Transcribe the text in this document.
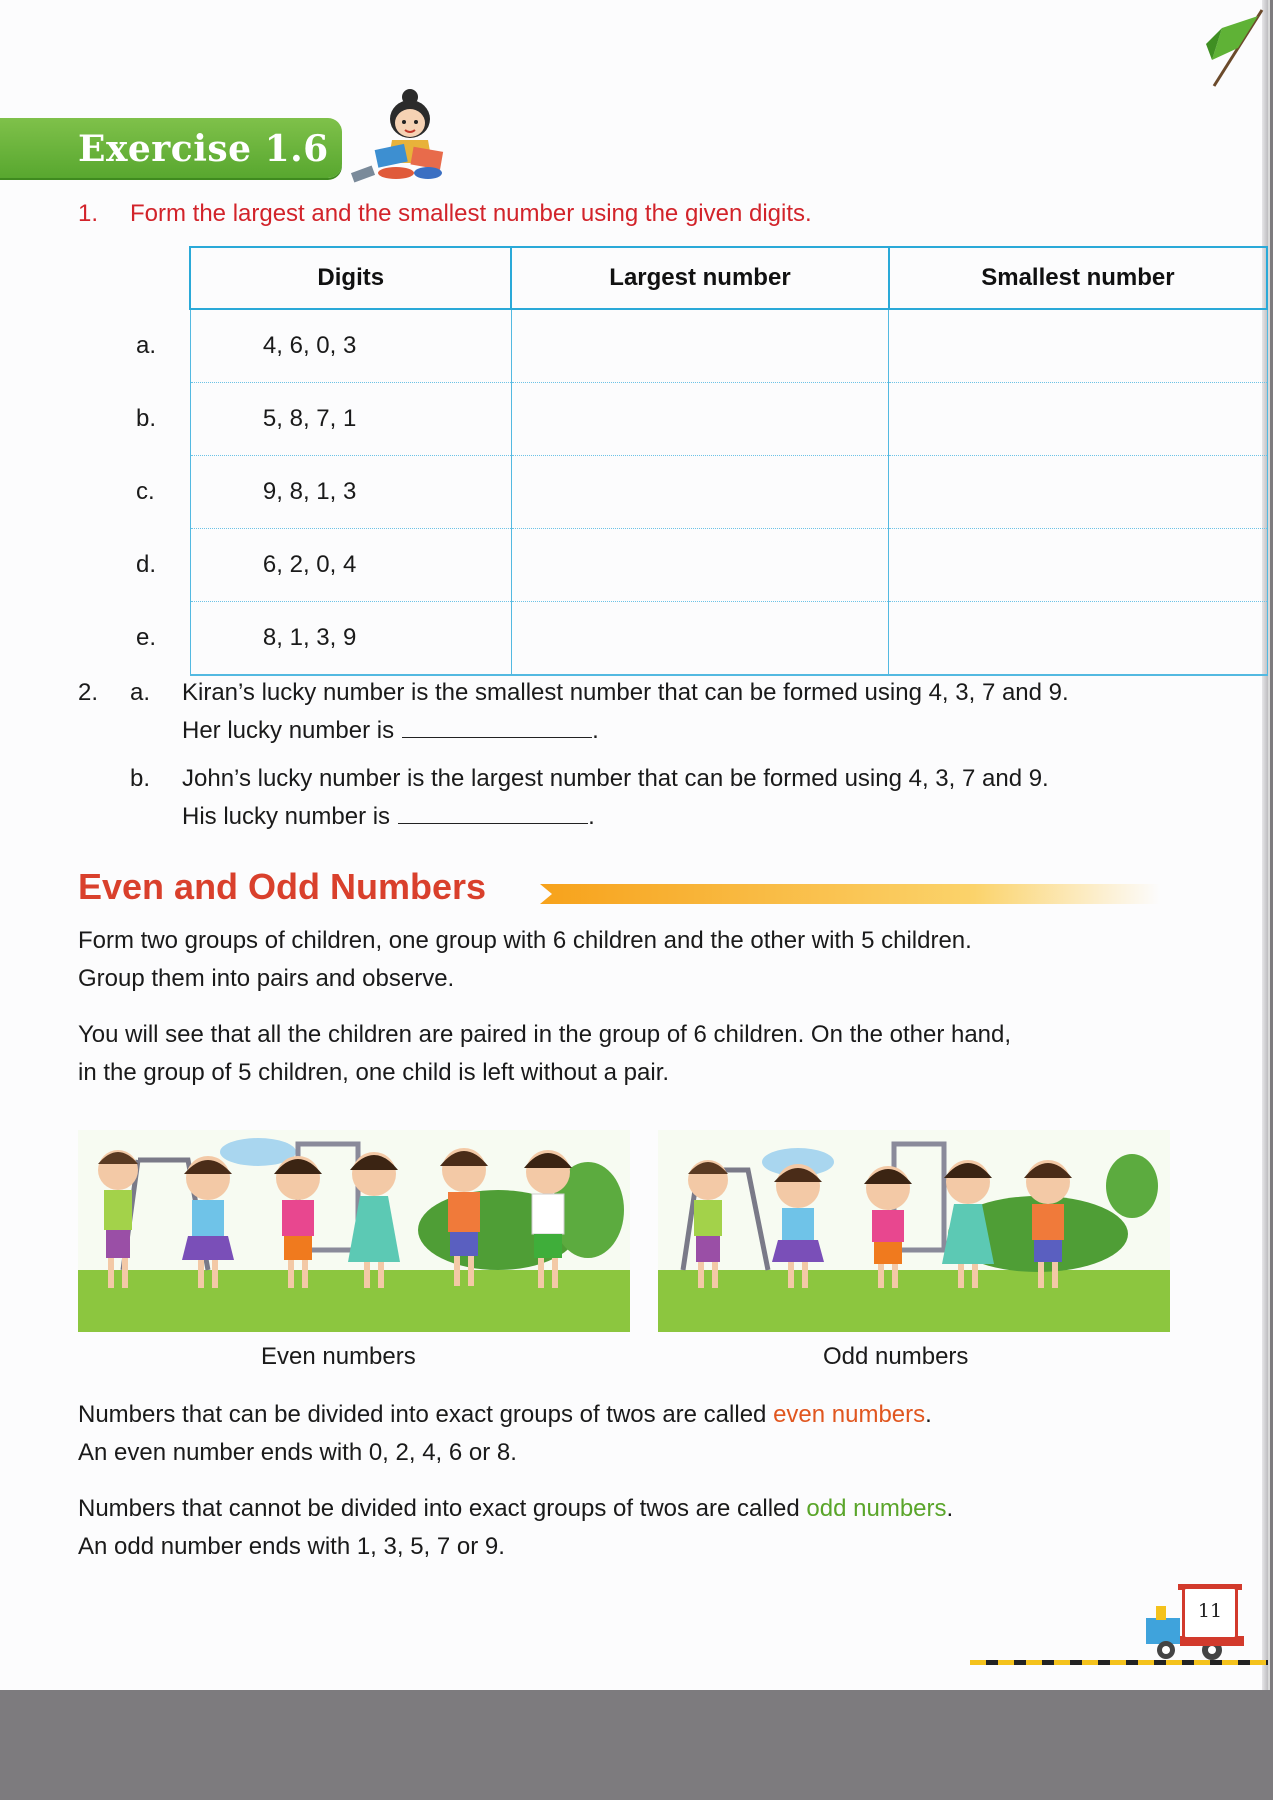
Exercise 1.6
1. Form the largest and the smallest number using the given digits.
	Digits	Largest number	Smallest number
a.	4, 6, 0, 3		
b.	5, 8, 7, 1		
c.	9, 8, 1, 3		
d.	6, 2, 0, 4		
e.	8, 1, 3, 9		
2. a. Kiran’s lucky number is the smallest number that can be formed using 4, 3, 7 and 9.
Her lucky number is	.
b. John’s lucky number is the largest number that can be formed using 4, 3, 7 and 9.
His lucky number is	.
Even and Odd Numbers
Form two groups of children, one group with 6 children and the other with 5 children.
Group them into pairs and observe.
You will see that all the children are paired in the group of 6 children. On the other hand,
in the group of 5 children, one child is left without a pair.
Even numbers	Odd numbers
Numbers that can be divided into exact groups of twos are called even numbers.
An even number ends with 0, 2, 4, 6 or 8.
Numbers that cannot be divided into exact groups of twos are called odd numbers.
An odd number ends with 1, 3, 5, 7 or 9.
11
